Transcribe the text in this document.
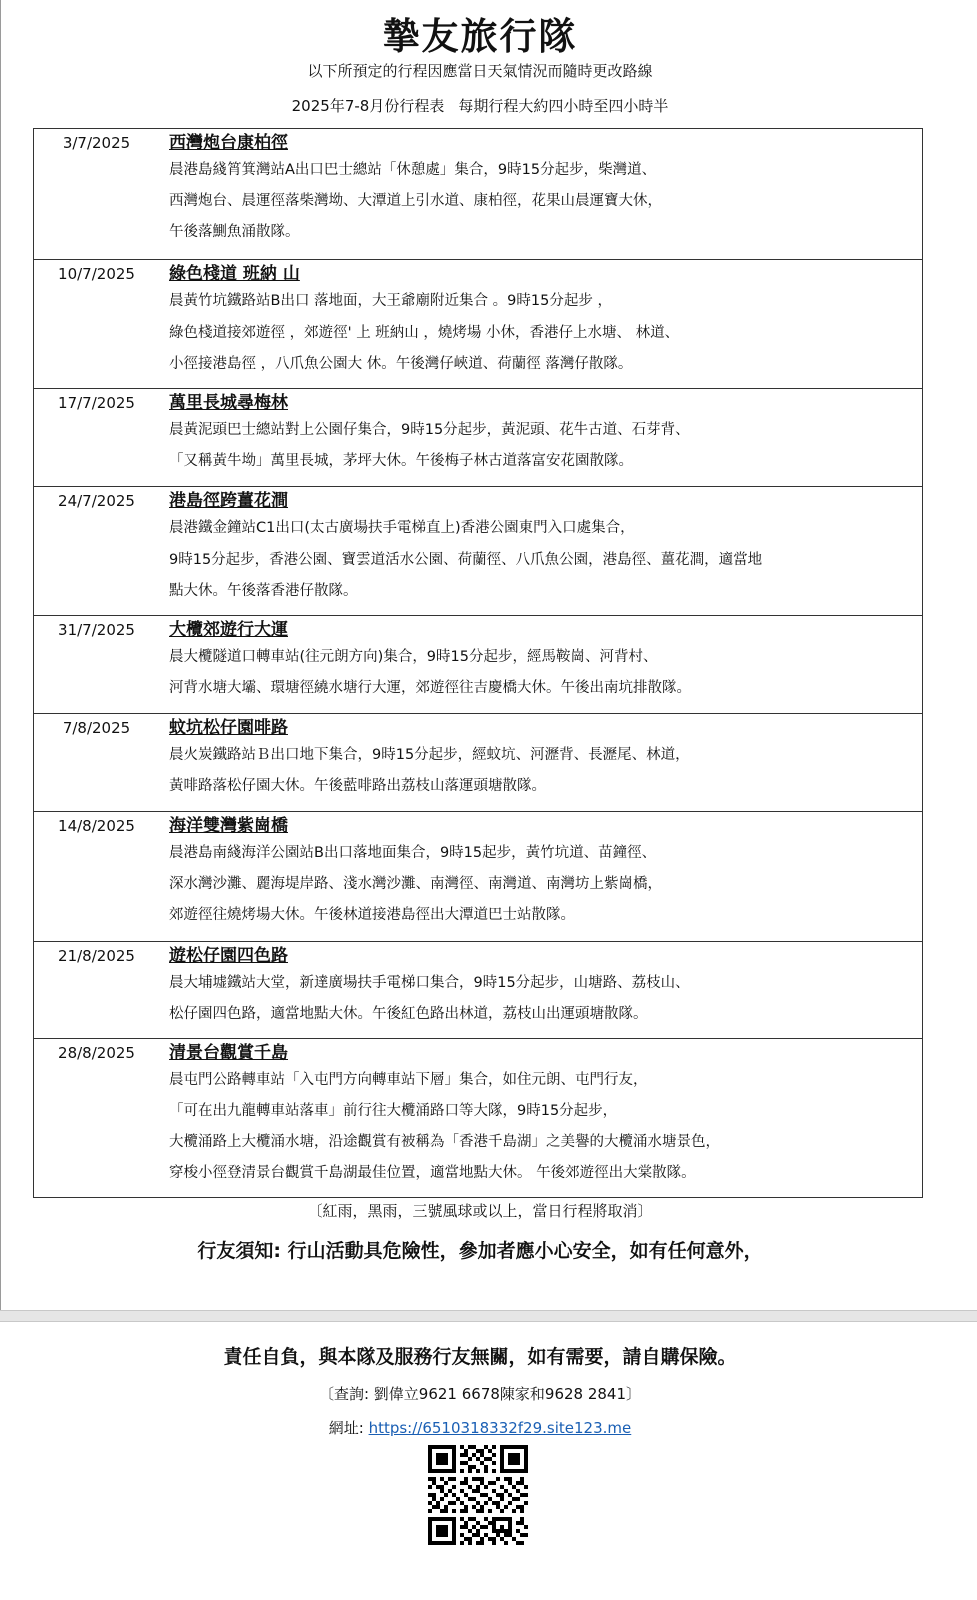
摯友旅行隊
以下所預定的行程因應當日天氣情況而隨時更改路線
2025年7-8月份行程表 每期行程大約四小時至四小時半
3/7/2025	西灣炮台康柏徑
晨港島綫筲箕灣站A出口巴士總站「休憩處」集合，9時15分起步，柴灣道、
西灣炮台、晨運徑落柴灣坳、大潭道上引水道、康柏徑，花果山晨運寶大休，
午後落鰂魚涌散隊。
10/7/2025	綠色棧道 班納 山
晨黃竹坑鐵路站B出口 落地面，大王爺廟附近集合 。9時15分起步 ，
綠色棧道接郊遊徑 ，郊遊徑' 上 班納山 ，燒烤場 小休，香港仔上水塘、 林道、
小徑接港島徑 ，八爪魚公園大 休。午後灣仔峽道、荷蘭徑 落灣仔散隊。
17/7/2025	萬里長城尋梅林
晨黃泥頭巴士總站對上公園仔集合，9時15分起步，黃泥頭、花牛古道、石芽背、
「又稱黃牛坳」萬里長城，茅坪大休。午後梅子林古道落富安花園散隊。
24/7/2025	港島徑跨薑花澗
晨港鐵金鐘站C1出口(太古廣場扶手電梯直上)香港公園東門入口處集合，
9時15分起步，香港公園、寶雲道活水公園、荷蘭徑、八爪魚公園，港島徑、薑花澗，適當地
點大休。午後落香港仔散隊。
31/7/2025	大欖郊遊行大運
晨大欖隧道口轉車站(往元朗方向)集合，9時15分起步，經馬鞍崗、河背村、
河背水塘大壩、環塘徑繞水塘行大運，郊遊徑往吉慶橋大休。午後出南坑排散隊。
7/8/2025	蚊坑松仔園啡路
晨火炭鐵路站Ｂ出口地下集合，9時15分起步，經蚊坑、河瀝背、長瀝尾、林道，
黃啡路落松仔園大休。午後藍啡路出荔枝山落運頭塘散隊。
14/8/2025	海洋雙灣紫崗橋
晨港島南綫海洋公園站B出口落地面集合，9時15起步，黃竹坑道、苗鐘徑、
深水灣沙灘、麗海堤岸路、淺水灣沙灘、南灣徑、南灣道、南灣坊上紫崗橋，
郊遊徑往燒烤場大休。午後林道接港島徑出大潭道巴士站散隊。
21/8/2025	遊松仔園四色路
晨大埔墟鐵站大堂，新達廣場扶手電梯口集合，9時15分起步，山塘路、荔枝山、
松仔園四色路，適當地點大休。午後紅色路出林道，荔枝山出運頭塘散隊。
28/8/2025	清景台觀賞千島
晨屯門公路轉車站「入屯門方向轉車站下層」集合，如住元朗、屯門行友，
「可在出九龍轉車站落車」前行往大欖涌路口等大隊，9時15分起步，
大欖涌路上大欖涌水塘，沿途觀賞有被稱為「香港千島湖」之美譽的大欖涌水塘景色，
穿梭小徑登清景台觀賞千島湖最佳位置，適當地點大休。 午後郊遊徑出大棠散隊。
〔紅雨，黑雨，三號風球或以上，當日行程將取消〕
行友須知: 行山活動具危險性，參加者應小心安全，如有任何意外，
責任自負，與本隊及服務行友無關，如有需要，請自購保險。
〔查詢: 劉偉立9621 6678陳家和9628 2841〕
網址: https://6510318332f29.site123.me
